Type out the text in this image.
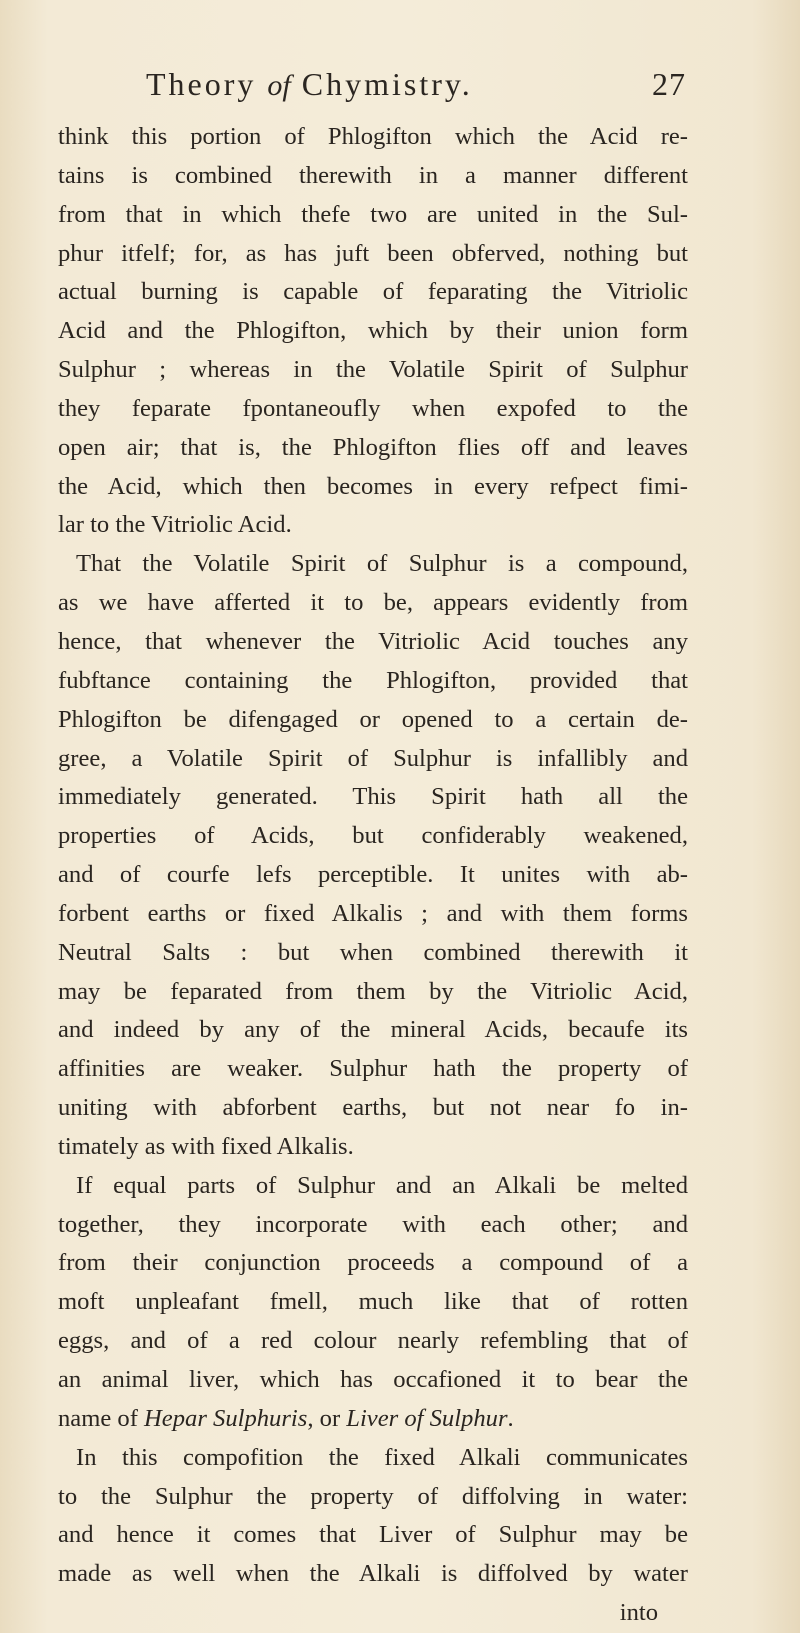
Theory of Chymistry.	27
think this portion of Phlogifton which the Acid re-
tains is combined therewith in a manner different
from that in which thefe two are united in the Sul-
phur itfelf; for, as has juft been obferved, nothing but
actual burning is capable of feparating the Vitriolic
Acid and the Phlogifton, which by their union form
Sulphur ; whereas in the Volatile Spirit of Sulphur
they feparate fpontaneoufly when expofed to the
open air; that is, the Phlogifton flies off and leaves
the Acid, which then becomes in every refpect fimi-
lar to the Vitriolic Acid.
That the Volatile Spirit of Sulphur is a compound,
as we have afferted it to be, appears evidently from
hence, that whenever the Vitriolic Acid touches any
fubftance containing the Phlogifton, provided that
Phlogifton be difengaged or opened to a certain de-
gree, a Volatile Spirit of Sulphur is infallibly and
immediately generated. This Spirit hath all the
properties of Acids, but confiderably weakened,
and of courfe lefs perceptible. It unites with ab-
forbent earths or fixed Alkalis ; and with them forms
Neutral Salts : but when combined therewith it
may be feparated from them by the Vitriolic Acid,
and indeed by any of the mineral Acids, becaufe its
affinities are weaker. Sulphur hath the property of
uniting with abforbent earths, but not near fo in-
timately as with fixed Alkalis.
If equal parts of Sulphur and an Alkali be melted
together, they incorporate with each other; and
from their conjunction proceeds a compound of a
moft unpleafant fmell, much like that of rotten
eggs, and of a red colour nearly refembling that of
an animal liver, which has occafioned it to bear the
name of Hepar Sulphuris, or Liver of Sulphur.
In this compofition the fixed Alkali communicates
to the Sulphur the property of diffolving in water:
and hence it comes that Liver of Sulphur may be
made as well when the Alkali is diffolved by water
into
